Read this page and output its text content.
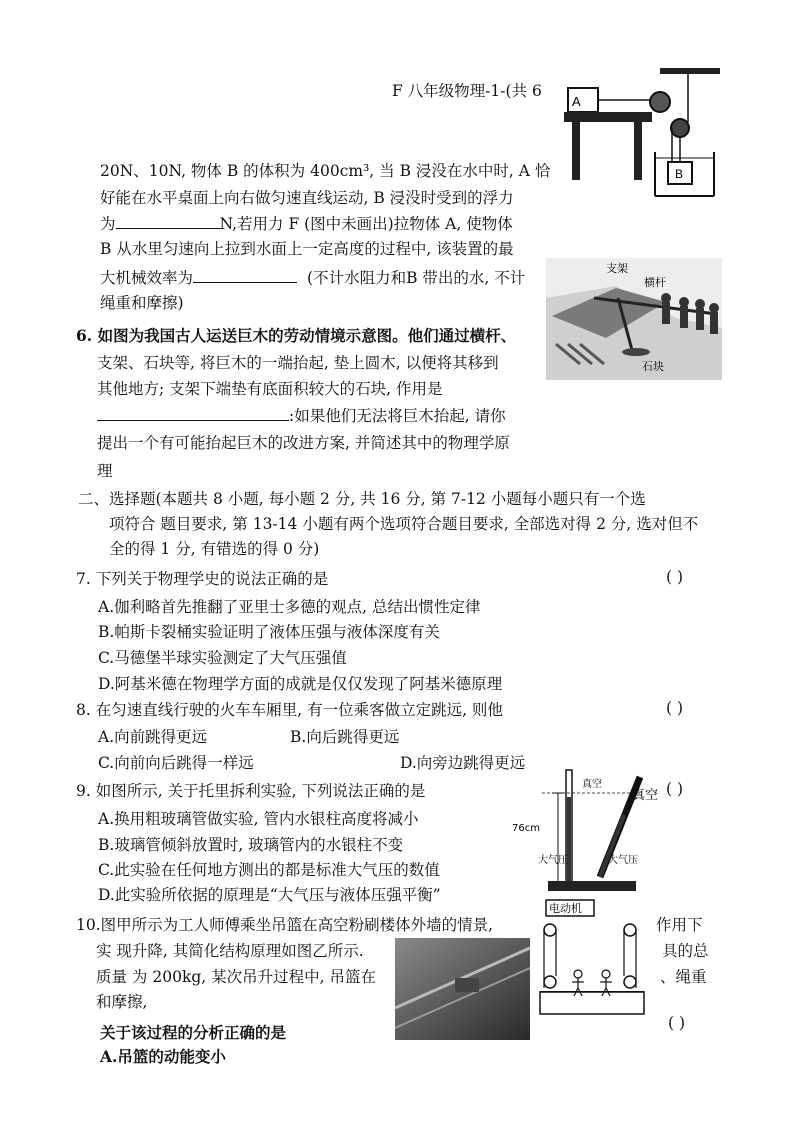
F 八年级物理-1-(共 6
A
B
20N、10N, 物体 B 的体积为 400cm³, 当 B 浸没在水中时, A 恰
好能在水平桌面上向右做匀速直线运动, B 浸没时受到的浮力
为	N,若用力 F (图中未画出)拉物体 A, 使物体
B 从水里匀速向上拉到水面上一定高度的过程中, 该装置的最
大机械效率为	(不计水阻力和B 带出的水, 不计
绳重和摩擦)
支架
横杆
石块
6. 如图为我国古人运送巨木的劳动情境示意图。他们通过横杆、
支架、石块等, 将巨木的一端抬起, 垫上圆木, 以便将其移到
其他地方; 支架下端垫有底面积较大的石块, 作用是
:如果他们无法将巨木抬起, 请你
提出一个有可能抬起巨木的改进方案, 并简述其中的物理学原
理
二、选择题(本题共 8 小题, 每小题 2 分, 共 16 分, 第 7-12 小题每小题只有一个选
项符合 题目要求, 第 13-14 小题有两个选项符合题目要求, 全部选对得 2 分, 选对但不
全的得 1 分, 有错选的得 0 分)
7. 下列关于物理学史的说法正确的是	( )
A.伽利略首先推翻了亚里士多德的观点, 总结出惯性定律
B.帕斯卡裂桶实验证明了液体压强与液体深度有关
C.马德堡半球实验测定了大气压强值
D.阿基米德在物理学方面的成就是仅仅发现了阿基米德原理
8. 在匀速直线行驶的火车车厢里, 有一位乘客做立定跳远, 则他	( )
A.向前跳得更远	B.向后跳得更远
C.向前向后跳得一样远	D.向旁边跳得更远
真空
真空
76cm
大气压	大气压
9. 如图所示, 关于托里拆利实验, 下列说法正确的是	( )
A.换用粗玻璃管做实验, 管内水银柱高度将减小
B.玻璃管倾斜放置时, 玻璃管内的水银柱不变
C.此实验在任何地方测出的都是标准大气压的数值
D.此实验所依据的原理是“大气压与液体压强平衡”
电动机
10.图甲所示为工人师傅乘坐吊篮在高空粉刷楼体外墙的情景,	作用下
实 现升降, 其简化结构原理如图乙所示.	具的总
质量 为 200kg, 某次吊升过程中, 吊篮在	、绳重
和摩擦,
关于该过程的分析正确的是	( )
A.吊篮的动能变小
